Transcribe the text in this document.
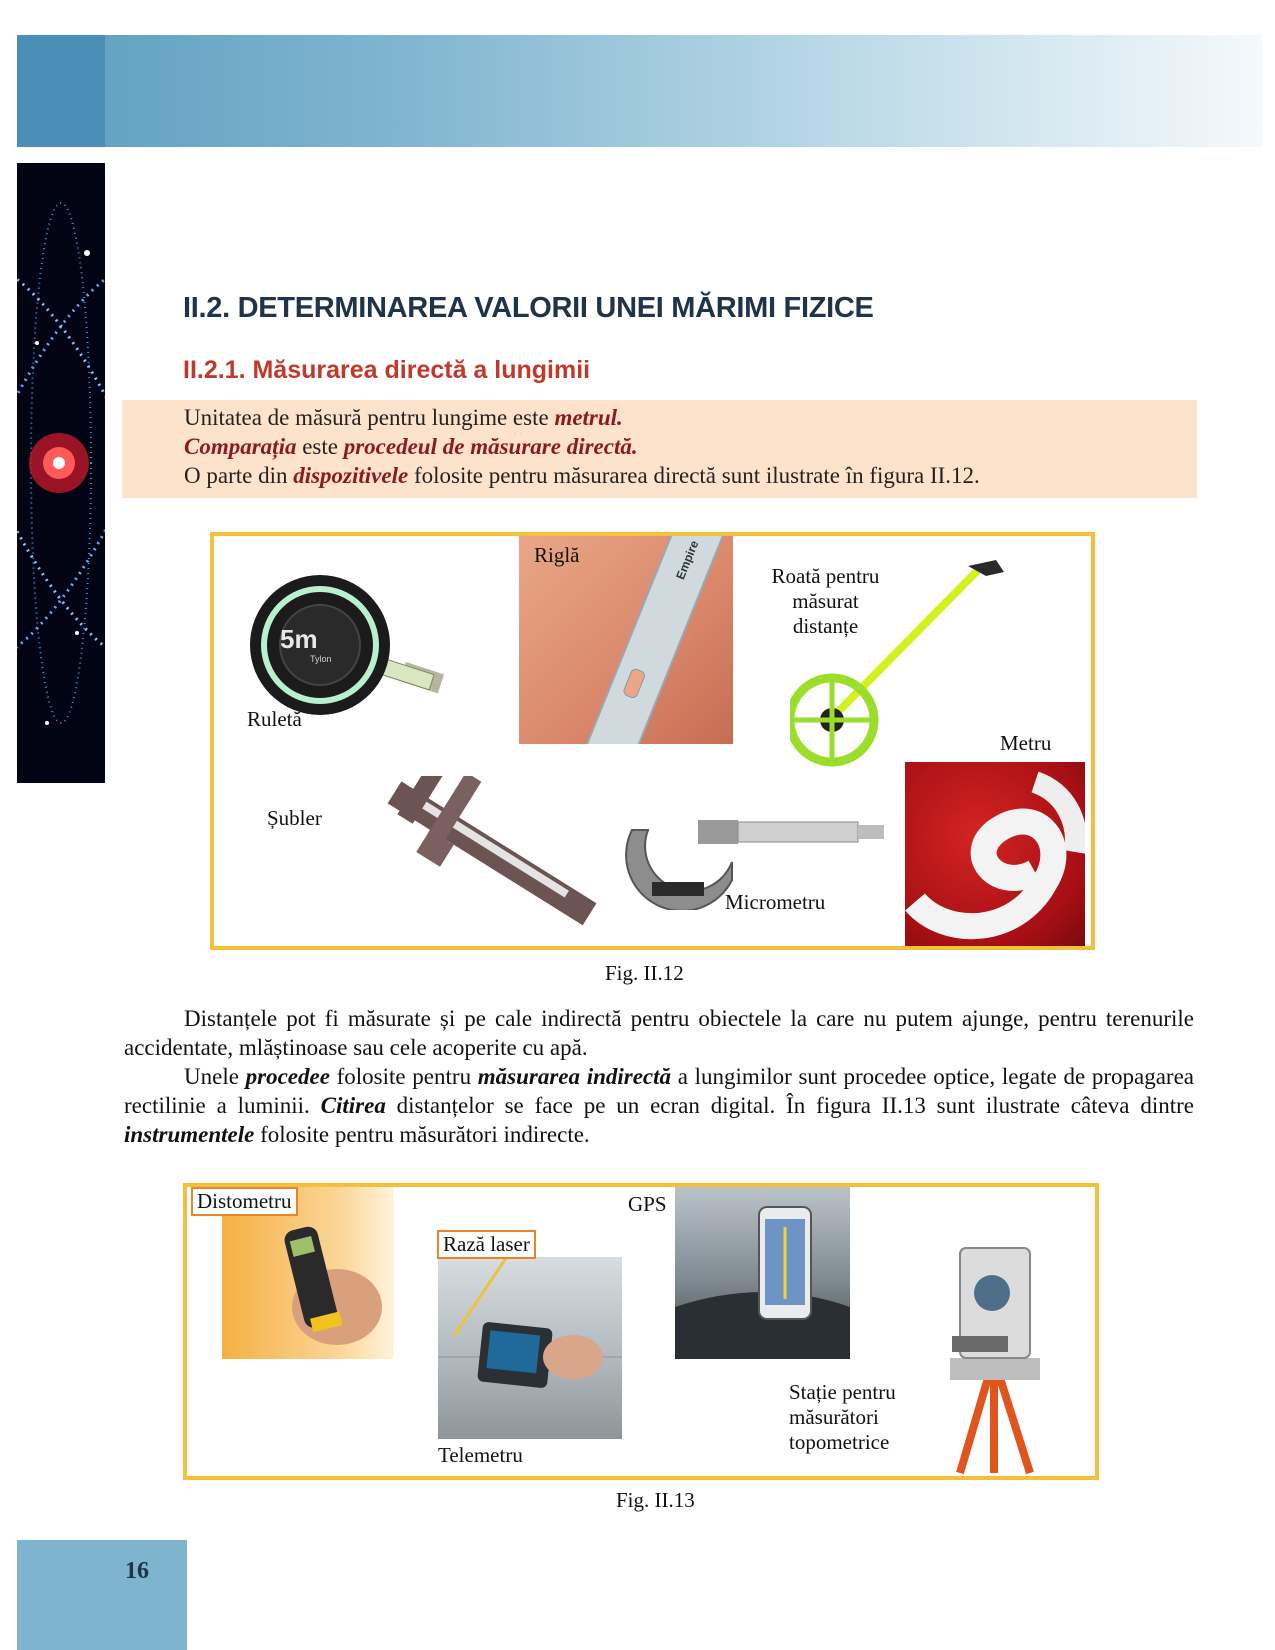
II.2. DETERMINAREA VALORII UNEI MĂRIMI FIZICE
II.2.1. Măsurarea directă a lungimii
Unitatea de măsură pentru lungime este metrul.
Comparația este procedeul de măsurare directă.
O parte din dispozitivele folosite pentru măsurarea directă sunt ilustrate în figura II.12.
5m
Tylon
Ruletă
Empire
Riglă
Roată pentru
măsurat
distanțe
Metru
Șubler
Micrometru
Fig. II.12

Distanțele pot fi măsurate și pe cale indirectă pentru obiectele la care nu putem ajunge, pentru terenurile accidentate, mlăștinoase sau cele acoperite cu apă.

Unele procedee folosite pentru măsurarea indirectă a lungimilor sunt procedee optice, legate de propagarea rectilinie a luminii. Citirea distanțelor se face pe un ecran digital. În figura II.13 sunt ilustrate câteva dintre instrumentele folosite pentru măsurători indirecte.

Distometru
Rază laser
Telemetru
GPS
Stație pentru
măsurători
topometrice
Fig. II.13
16
